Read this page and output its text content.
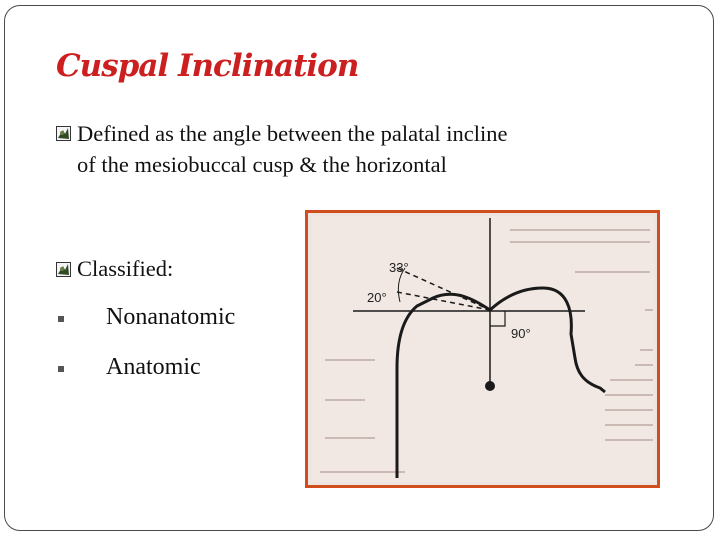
Cuspal Inclination
Defined as the angle between the palatal incline
of the mesiobuccal cusp & the horizontal
Classified:
Nonanatomic
Anatomic
33°
20°
90°
